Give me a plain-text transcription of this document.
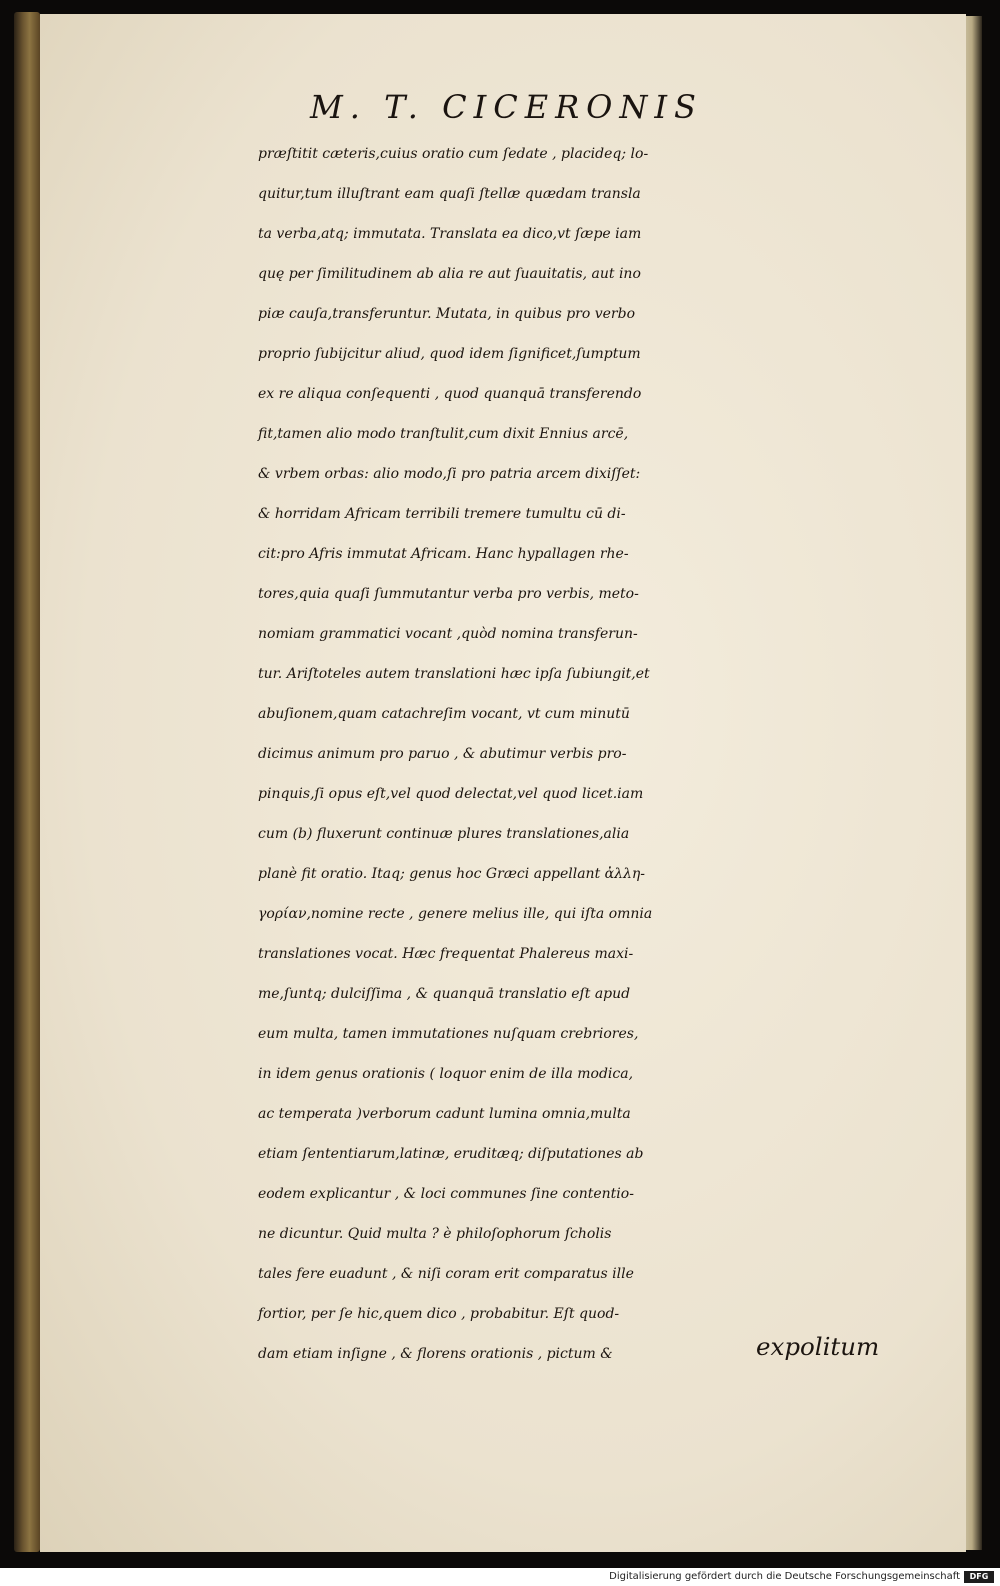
M. T. CICERONIS
præſtitit cæteris,cuius oratio cum ſedate , placideq; lo-
quitur,tum illuſtrant eam quaſi ſtellæ quædam transla
ta verba,atq; immutata. Translata ea dico,vt ſæpe iam
quę per ſimilitudinem ab alia re aut ſuauitatis, aut ino
piæ cauſa,transferuntur. Mutata, in quibus pro verbo
proprio ſubijcitur aliud, quod idem ſignificet,ſumptum
ex re aliqua conſequenti , quod quanquā transferendo
fit,tamen alio modo tranſtulit,cum dixit Ennius arcē,
& vrbem orbas: alio modo,ſi pro patria arcem dixiſſet:
& horridam Africam terribili tremere tumultu cū di-
cit:pro Afris immutat Africam. Hanc hypallagen rhe-
tores,quia quaſi ſummutantur verba pro verbis, meto-
nomiam grammatici vocant ,quòd nomina transferun-
tur. Ariſtoteles autem translationi hæc ipſa ſubiungit,et
abuſionem,quam catachreſim vocant, vt cum minutū
dicimus animum pro paruo , & abutimur verbis pro-
pinquis,ſi opus eſt,vel quod delectat,vel quod licet.iam
cum (b) fluxerunt continuæ plures translationes,alia
planè fit oratio. Itaq; genus hoc Græci appellant ἀλλη-
γορίαν,nomine recte , genere melius ille, qui iſta omnia
translationes vocat. Hæc frequentat Phalereus maxi-
me,ſuntq; dulciſſima , & quanquā translatio eſt apud
eum multa, tamen immutationes nuſquam crebriores,
in idem genus orationis ( loquor enim de illa modica,
ac temperata )verborum cadunt lumina omnia,multa
etiam ſententiarum,latinæ, eruditæq; diſputationes ab
eodem explicantur , & loci communes ſine contentio-
ne dicuntur. Quid multa ? è philoſophorum ſcholis
tales fere euadunt , & niſi coram erit comparatus ille
fortior, per ſe hic,quem dico , probabitur. Eſt quod-
dam etiam inſigne , & florens orationis , pictum &	expolitum
Digitalisierung gefördert durch die Deutsche Forschungsgemeinschaft	DFG
